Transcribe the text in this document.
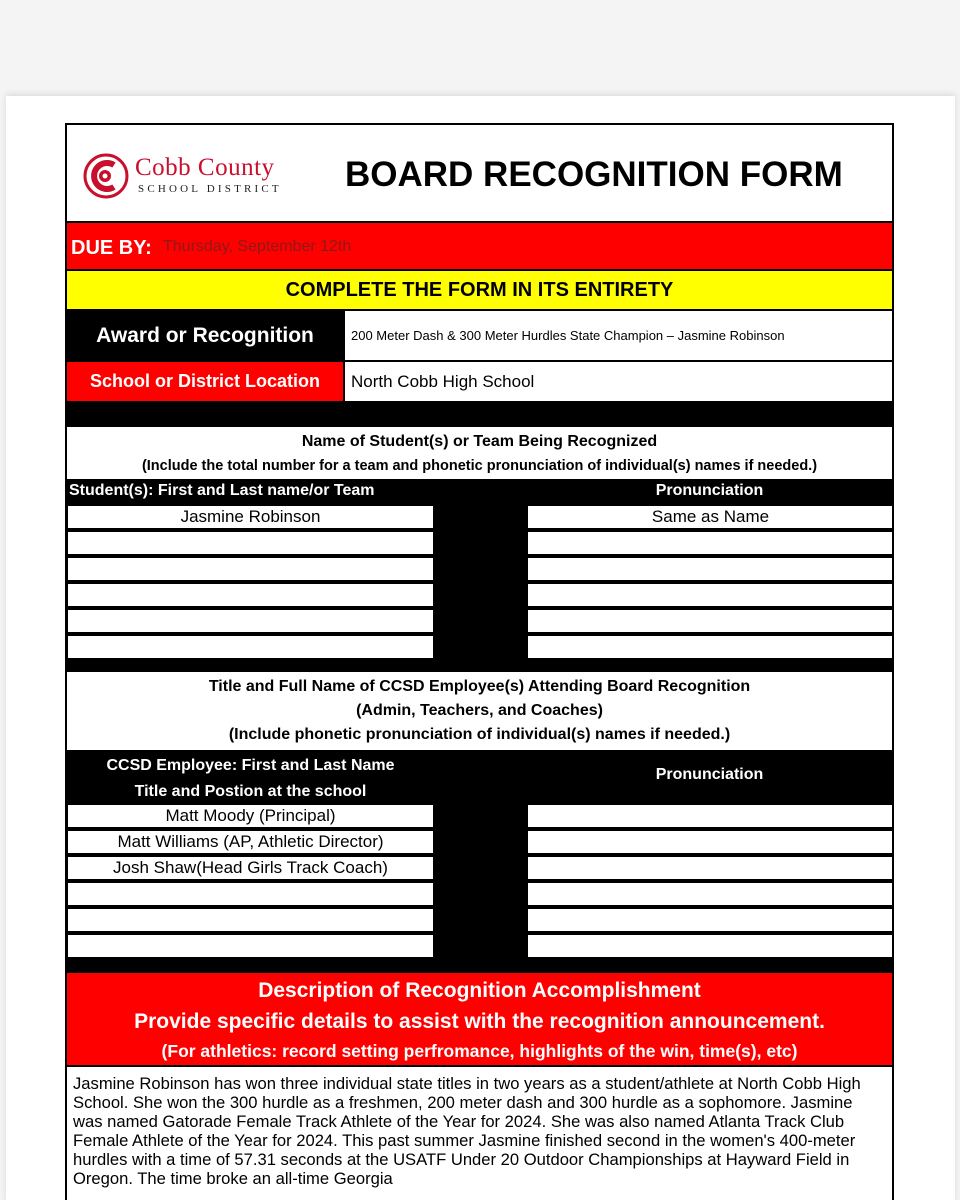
Cobb County
SCHOOL DISTRICT BOARD RECOGNITION FORM
DUE BY: Thursday, September 12th
COMPLETE THE FORM IN ITS ENTIRETY
Award or Recognition	200 Meter Dash & 300 Meter Hurdles State Champion – Jasmine Robinson
School or District Location	North Cobb High School
Name of Student(s) or Team Being Recognized
(Include the total number for a team and phonetic pronunciation of individual(s) names if needed.)
Student(s): First and Last name/or Team	Pronunciation
Jasmine Robinson	Same as Name
Title and Full Name of CCSD Employee(s) Attending Board Recognition
(Admin, Teachers, and Coaches)
(Include phonetic pronunciation of individual(s) names if needed.)
CCSD Employee: First and Last Name
Title and Postion at the school
Pronunciation
Matt Moody (Principal)
Matt Williams (AP, Athletic Director)
Josh Shaw(Head Girls Track Coach)
Description of Recognition Accomplishment
Provide specific details to assist with the recognition announcement.
(For athletics: record setting perfromance, highlights of the win, time(s), etc)
Jasmine Robinson has won three individual state titles in two years as a student/athlete at North Cobb High School. She won the 300 hurdle as a freshmen, 200 meter dash and 300 hurdle as a sophomore. Jasmine was named Gatorade Female Track Athlete of the Year for 2024. She was also named Atlanta Track Club Female Athlete of the Year for 2024. This past summer Jasmine finished second in the women's 400-meter hurdles with a time of 57.31 seconds at the USATF Under 20 Outdoor Championships at Hayward Field in Oregon. The time broke an all-time Georgia
